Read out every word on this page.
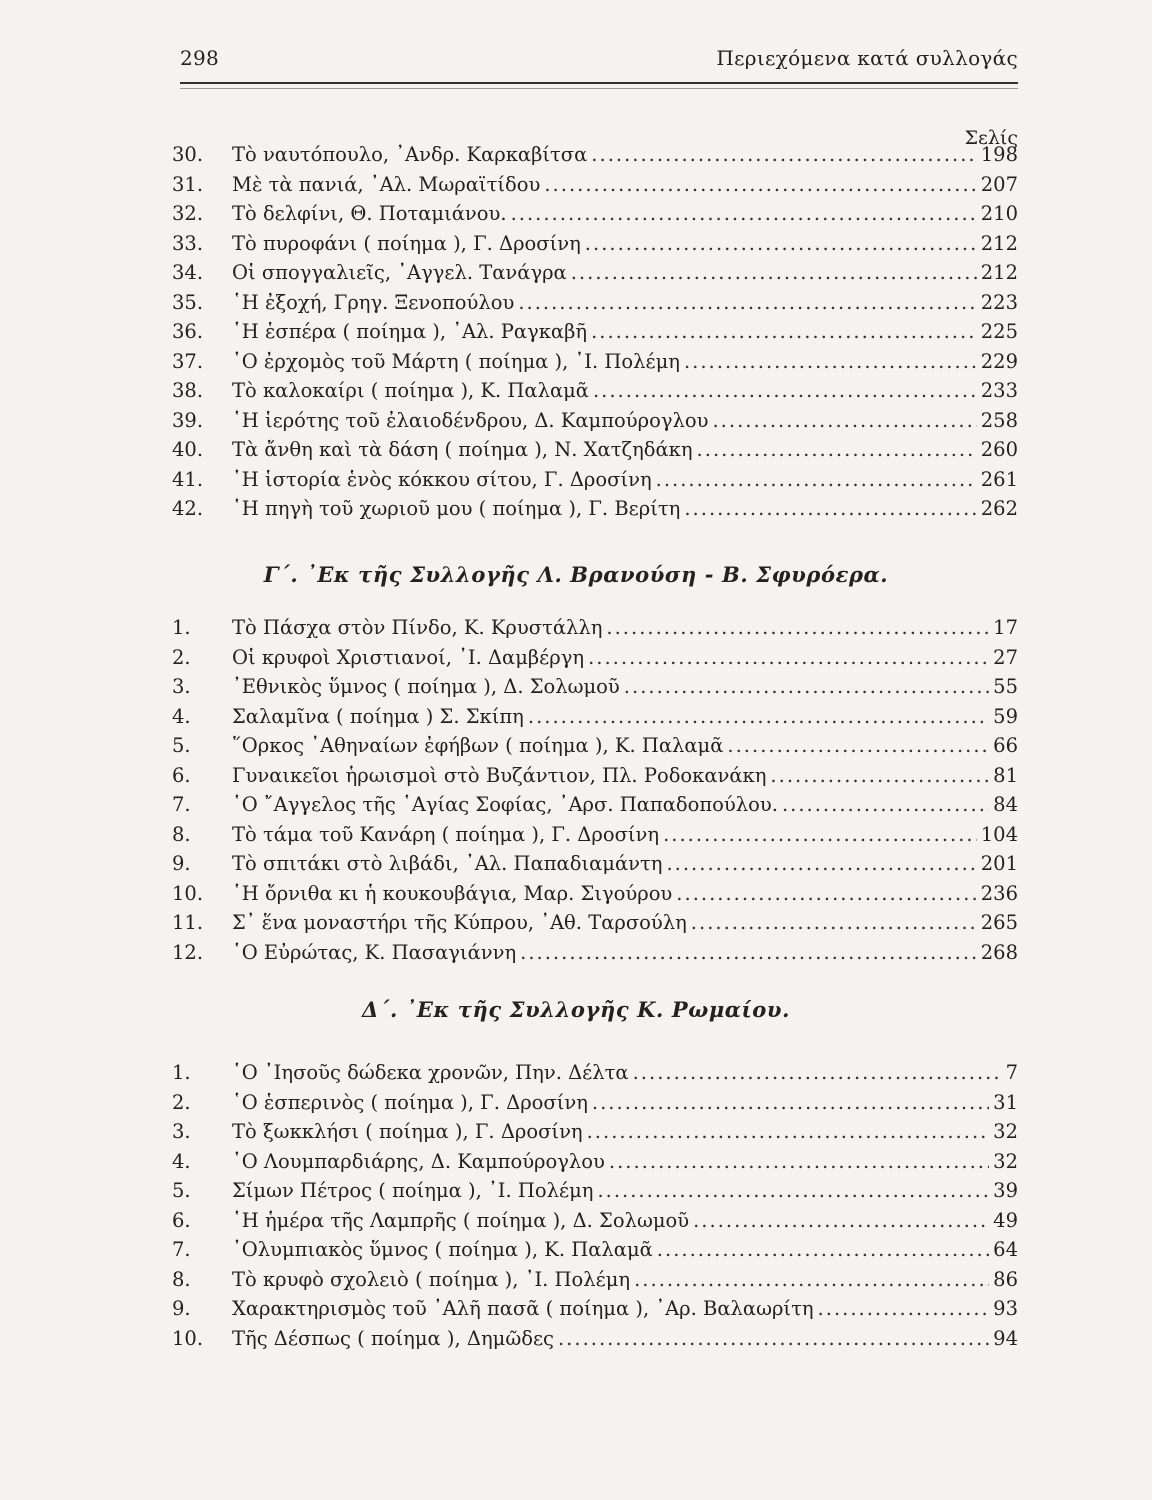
298	Περιεχόμενα κατά συλλογάς
Σελίς
30.	Τὸ ναυτόπουλο, ᾿Ανδρ. Καρκαβίτσα .....	198
31.	Μὲ τὰ πανιά, ᾿Αλ. Μωραϊτίδου .....	207
32.	Τὸ δελφίνι, Θ. Ποταμιάνου. .....	210
33.	Τὸ πυροφάνι ( ποίημα ), Γ. Δροσίνη .....	212
34.	Οἱ σπογγαλιεῖς, ᾿Αγγελ. Τανάγρα .....	212
35.	῾Η ἐξοχή, Γρηγ. Ξενοπούλου .....	223
36.	῾Η ἑσπέρα ( ποίημα ), ᾿Αλ. Ραγκαβῆ .....	225
37.	῾Ο ἐρχομὸς τοῦ Μάρτη ( ποίημα ), ᾿Ι. Πολέμη .....	229
38.	Τὸ καλοκαίρι ( ποίημα ), Κ. Παλαμᾶ .....	233
39.	῾Η ἱερότης τοῦ ἐλαιοδένδρου, Δ. Καμπούρογλου .....	258
40.	Τὰ ἄνθη καὶ τὰ δάση ( ποίημα ), Ν. Χατζηδάκη .....	260
41.	῾Η ἱστορία ἑνὸς κόκκου σίτου, Γ. Δροσίνη .....	261
42.	῾Η πηγὴ τοῦ χωριοῦ μου ( ποίημα ), Γ. Βερίτη .....	262
Γ΄. ᾿Εκ τῆς Συλλογῆς Λ. Βρανούση - Β. Σφυρόερα.
1.	Τὸ Πάσχα στὸν Πίνδο, Κ. Κρυστάλλη .....	17
2.	Οἱ κρυφοὶ Χριστιανοί, ᾿Ι. Δαμβέργη .....	27
3.	᾿Εθνικὸς ὕμνος ( ποίημα ), Δ. Σολωμοῦ .....	55
4.	Σαλαμῖνα ( ποίημα ) Σ. Σκίπη .....	59
5.	῞Ορκος ᾿Αθηναίων ἐφήβων ( ποίημα ), Κ. Παλαμᾶ .....	66
6.	Γυναικεῖοι ἡρωισμοὶ στὸ Βυζάντιον, Πλ. Ροδοκανάκη .....	81
7.	῾Ο ῎Αγγελος τῆς ῾Αγίας Σοφίας, ᾿Αρσ. Παπαδοπούλου. .....	84
8.	Τὸ τάμα τοῦ Κανάρη ( ποίημα ), Γ. Δροσίνη .....	104
9.	Τὸ σπιτάκι στὸ λιβάδι, ᾿Αλ. Παπαδιαμάντη .....	201
10.	῾Η ὄρνιθα κι ἡ κουκουβάγια, Μαρ. Σιγούρου .....	236
11.	Σ᾿ ἕνα μοναστήρι τῆς Κύπρου, ᾿Αθ. Ταρσούλη .....	265
12.	῾Ο Εὐρώτας, Κ. Πασαγιάννη .....	268
Δ΄. ᾿Εκ τῆς Συλλογῆς Κ. Ρωμαίου.
1.	῾Ο ᾿Ιησοῦς δώδεκα χρονῶν, Πην. Δέλτα .....	7
2.	῾Ο ἑσπερινὸς ( ποίημα ), Γ. Δροσίνη .....	31
3.	Τὸ ξωκκλήσι ( ποίημα ), Γ. Δροσίνη .....	32
4.	῾Ο Λουμπαρδιάρης, Δ. Καμπούρογλου .....	32
5.	Σίμων Πέτρος ( ποίημα ), ᾿Ι. Πολέμη .....	39
6.	῾Η ἡμέρα τῆς Λαμπρῆς ( ποίημα ), Δ. Σολωμοῦ .....	49
7.	᾿Ολυμπιακὸς ὕμνος ( ποίημα ), Κ. Παλαμᾶ .....	64
8.	Τὸ κρυφὸ σχολειὸ ( ποίημα ), ᾿Ι. Πολέμη .....	86
9.	Χαρακτηρισμὸς τοῦ ᾿Αλῆ πασᾶ ( ποίημα ), ᾿Αρ. Βαλαωρίτη .....	93
10.	Τῆς Δέσπως ( ποίημα ), Δημῶδες .....	94
